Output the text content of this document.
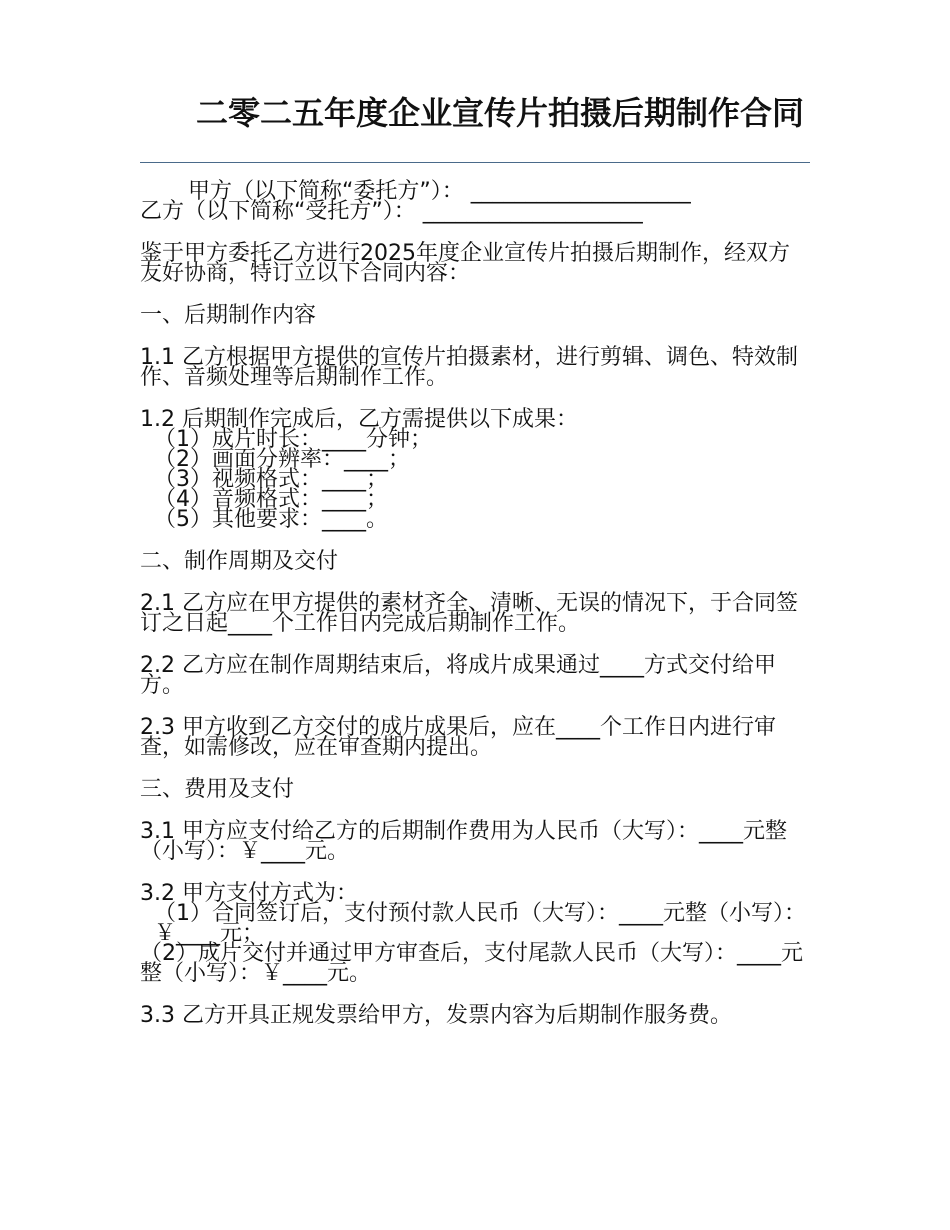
二零二五年度企业宣传片拍摄后期制作合同

甲方（以下简称“委托方”）： ____________________

乙方（以下简称“受托方”）： ____________________

鉴于甲方委托乙方进行2025年度企业宣传片拍摄后期制作，经双方友好协商，特订立以下合同内容：

一、后期制作内容

1.1 乙方根据甲方提供的宣传片拍摄素材，进行剪辑、调色、特效制作、音频处理等后期制作工作。

1.2 后期制作完成后，乙方需提供以下成果：

（1）成片时长：____分钟；

（2）画面分辨率：____；

（3）视频格式：____；

（4）音频格式：____；

（5）其他要求：____。

二、制作周期及交付

2.1 乙方应在甲方提供的素材齐全、清晰、无误的情况下，于合同签订之日起____个工作日内完成后期制作工作。

2.2 乙方应在制作周期结束后，将成片成果通过____方式交付给甲方。

2.3 甲方收到乙方交付的成片成果后，应在____个工作日内进行审查，如需修改，应在审查期内提出。

三、费用及支付

3.1 甲方应支付给乙方的后期制作费用为人民币（大写）：____元整（小写）：￥____元。

3.2 甲方支付方式为：

（1）合同签订后，支付预付款人民币（大写）：____元整（小写）：￥____元；

（2）成片交付并通过甲方审查后，支付尾款人民币（大写）：____元整（小写）：￥____元。

3.3 乙方开具正规发票给甲方，发票内容为后期制作服务费。
